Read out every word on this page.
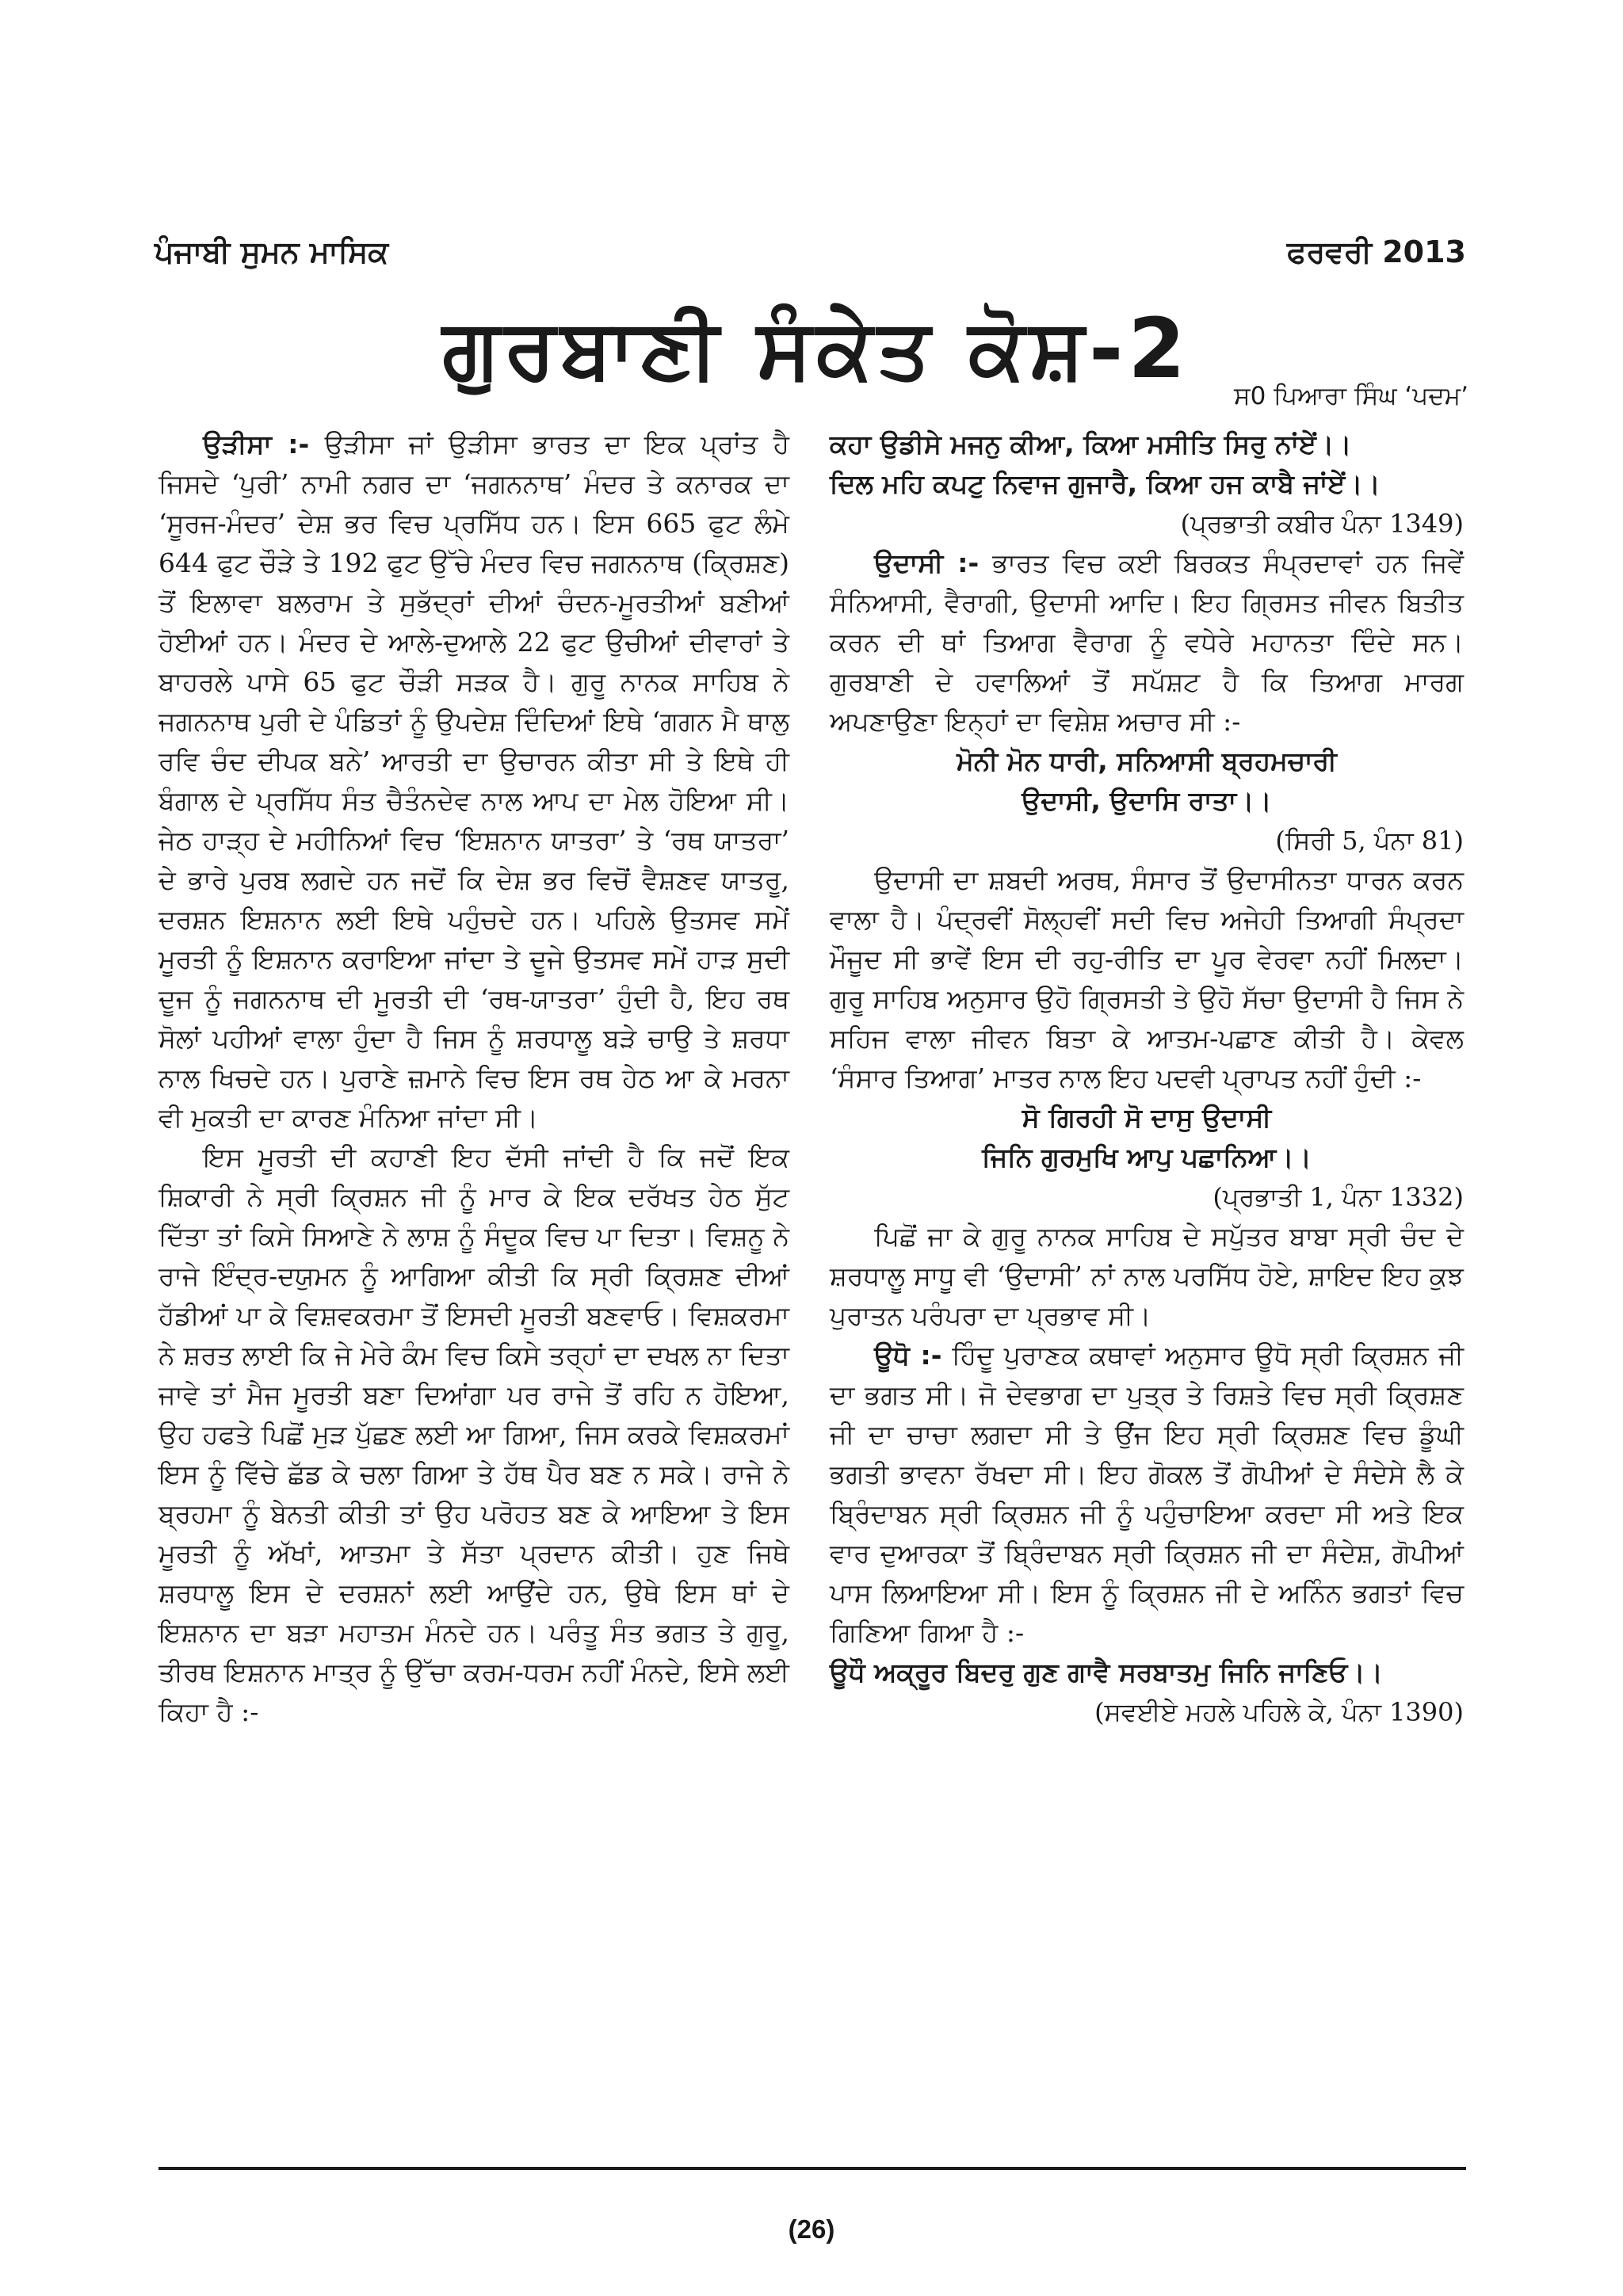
ਪੰਜਾਬੀ ਸੁਮਨ ਮਾਸਿਕ	ਫਰਵਰੀ 2013
ਗੁਰਬਾਣੀ ਸੰਕੇਤ ਕੋਸ਼-2	ਸ0 ਪਿਆਰਾ ਸਿੰਘ ‘ਪਦਮ’

ਉੜੀਸਾ :- ਉੜੀਸਾ ਜਾਂ ਉੜੀਸਾ ਭਾਰਤ ਦਾ ਇਕ ਪ੍ਰਾਂਤ ਹੈ ਜਿਸਦੇ ‘ਪੁਰੀ’ ਨਾਮੀ ਨਗਰ ਦਾ ‘ਜਗਨਨਾਥ’ ਮੰਦਰ ਤੇ ਕਨਾਰਕ ਦਾ ‘ਸੂਰਜ-ਮੰਦਰ’ ਦੇਸ਼ ਭਰ ਵਿਚ ਪ੍ਰਸਿੱਧ ਹਨ। ਇਸ 665 ਫੁਟ ਲੰਮੇ 644 ਫੁਟ ਚੌੜੇ ਤੇ 192 ਫੁਟ ਉੱਚੇ ਮੰਦਰ ਵਿਚ ਜਗਨਨਾਥ (ਕ੍ਰਿਸ਼ਣ) ਤੋਂ ਇਲਾਵਾ ਬਲਰਾਮ ਤੇ ਸੁਭੱਦ੍ਰਾਂ ਦੀਆਂ ਚੰਦਨ-ਮੂਰਤੀਆਂ ਬਣੀਆਂ ਹੋਈਆਂ ਹਨ। ਮੰਦਰ ਦੇ ਆਲੇ-ਦੁਆਲੇ 22 ਫੁਟ ਉਚੀਆਂ ਦੀਵਾਰਾਂ ਤੇ ਬਾਹਰਲੇ ਪਾਸੇ 65 ਫੁਟ ਚੌੜੀ ਸੜਕ ਹੈ। ਗੁਰੂ ਨਾਨਕ ਸਾਹਿਬ ਨੇ ਜਗਨਨਾਥ ਪੁਰੀ ਦੇ ਪੰਡਿਤਾਂ ਨੂੰ ਉਪਦੇਸ਼ ਦਿੰਦਿਆਂ ਇਥੇ ‘ਗਗਨ ਮੈ ਥਾਲੁ ਰਵਿ ਚੰਦ ਦੀਪਕ ਬਨੇ’ ਆਰਤੀ ਦਾ ਉਚਾਰਨ ਕੀਤਾ ਸੀ ਤੇ ਇਥੇ ਹੀ ਬੰਗਾਲ ਦੇ ਪ੍ਰਸਿੱਧ ਸੰਤ ਚੈਤੰਨਦੇਵ ਨਾਲ ਆਪ ਦਾ ਮੇਲ ਹੋਇਆ ਸੀ। ਜੇਠ ਹਾੜ੍ਹ ਦੇ ਮਹੀਨਿਆਂ ਵਿਚ ‘ਇਸ਼ਨਾਨ ਯਾਤਰਾ’ ਤੇ ‘ਰਥ ਯਾਤਰਾ’ ਦੇ ਭਾਰੇ ਪੁਰਬ ਲਗਦੇ ਹਨ ਜਦੋਂ ਕਿ ਦੇਸ਼ ਭਰ ਵਿਚੋਂ ਵੈਸ਼ਣਵ ਯਾਤਰੂ, ਦਰਸ਼ਨ ਇਸ਼ਨਾਨ ਲਈ ਇਥੇ ਪਹੁੰਚਦੇ ਹਨ। ਪਹਿਲੇ ਉਤਸਵ ਸਮੇਂ ਮੂਰਤੀ ਨੂੰ ਇਸ਼ਨਾਨ ਕਰਾਇਆ ਜਾਂਦਾ ਤੇ ਦੂਜੇ ਉਤਸਵ ਸਮੇਂ ਹਾੜ ਸੁਦੀ ਦੂਜ ਨੂੰ ਜਗਨਨਾਥ ਦੀ ਮੂਰਤੀ ਦੀ ‘ਰਥ-ਯਾਤਰਾ’ ਹੁੰਦੀ ਹੈ, ਇਹ ਰਥ ਸੋਲਾਂ ਪਹੀਆਂ ਵਾਲਾ ਹੁੰਦਾ ਹੈ ਜਿਸ ਨੂੰ ਸ਼ਰਧਾਲੂ ਬੜੇ ਚਾਉ ਤੇ ਸ਼ਰਧਾ ਨਾਲ ਖਿਚਦੇ ਹਨ। ਪੁਰਾਣੇ ਜ਼ਮਾਨੇ ਵਿਚ ਇਸ ਰਥ ਹੇਠ ਆ ਕੇ ਮਰਨਾ ਵੀ ਮੁਕਤੀ ਦਾ ਕਾਰਣ ਮੰਨਿਆ ਜਾਂਦਾ ਸੀ।

ਇਸ ਮੂਰਤੀ ਦੀ ਕਹਾਣੀ ਇਹ ਦੱਸੀ ਜਾਂਦੀ ਹੈ ਕਿ ਜਦੋਂ ਇਕ ਸ਼ਿਕਾਰੀ ਨੇ ਸ੍ਰੀ ਕ੍ਰਿਸ਼ਨ ਜੀ ਨੂੰ ਮਾਰ ਕੇ ਇਕ ਦਰੱਖਤ ਹੇਠ ਸੁੱਟ ਦਿੱਤਾ ਤਾਂ ਕਿਸੇ ਸਿਆਣੇ ਨੇ ਲਾਸ਼ ਨੂੰ ਸੰਦੂਕ ਵਿਚ ਪਾ ਦਿਤਾ। ਵਿਸ਼ਨੂ ਨੇ ਰਾਜੇ ਇੰਦ੍ਰ-ਦਯੁਮਨ ਨੂੰ ਆਗਿਆ ਕੀਤੀ ਕਿ ਸ੍ਰੀ ਕ੍ਰਿਸ਼ਣ ਦੀਆਂ ਹੱਡੀਆਂ ਪਾ ਕੇ ਵਿਸ਼ਵਕਰਮਾ ਤੋਂ ਇਸਦੀ ਮੂਰਤੀ ਬਣਵਾਓ। ਵਿਸ਼ਕਰਮਾ ਨੇ ਸ਼ਰਤ ਲਾਈ ਕਿ ਜੇ ਮੇਰੇ ਕੰਮ ਵਿਚ ਕਿਸੇ ਤਰ੍ਹਾਂ ਦਾ ਦਖਲ ਨਾ ਦਿਤਾ ਜਾਵੇ ਤਾਂ ਮੈਜ ਮੂਰਤੀ ਬਣਾ ਦਿਆਂਗਾ ਪਰ ਰਾਜੇ ਤੋਂ ਰਹਿ ਨ ਹੋਇਆ, ਉਹ ਹਫਤੇ ਪਿਛੋਂ ਮੁੜ ਪੁੱਛਣ ਲਈ ਆ ਗਿਆ, ਜਿਸ ਕਰਕੇ ਵਿਸ਼ਕਰਮਾਂ ਇਸ ਨੂੰ ਵਿੱਚੇ ਛੱਡ ਕੇ ਚਲਾ ਗਿਆ ਤੇ ਹੱਥ ਪੈਰ ਬਣ ਨ ਸਕੇ। ਰਾਜੇ ਨੇ ਬ੍ਰਹਮਾ ਨੂੰ ਬੇਨਤੀ ਕੀਤੀ ਤਾਂ ਉਹ ਪਰੋਹਤ ਬਣ ਕੇ ਆਇਆ ਤੇ ਇਸ ਮੂਰਤੀ ਨੂੰ ਅੱਖਾਂ, ਆਤਮਾ ਤੇ ਸੱਤਾ ਪ੍ਰਦਾਨ ਕੀਤੀ। ਹੁਣ ਜਿਥੇ ਸ਼ਰਧਾਲੂ ਇਸ ਦੇ ਦਰਸ਼ਨਾਂ ਲਈ ਆਉਂਦੇ ਹਨ, ਉਥੇ ਇਸ ਥਾਂ ਦੇ ਇਸ਼ਨਾਨ ਦਾ ਬੜਾ ਮਹਾਤਮ ਮੰਨਦੇ ਹਨ। ਪਰੰਤੂ ਸੰਤ ਭਗਤ ਤੇ ਗੁਰੂ, ਤੀਰਥ ਇਸ਼ਨਾਨ ਮਾਤ੍ਰ ਨੂੰ ਉੱਚਾ ਕਰਮ-ਧਰਮ ਨਹੀਂ ਮੰਨਦੇ, ਇਸੇ ਲਈ ਕਿਹਾ ਹੈ :-

ਕਹਾ ਉਡੀਸੇ ਮਜਨੁ ਕੀਆ, ਕਿਆ ਮਸੀਤਿ ਸਿਰੁ ਨਾਂਏਂ।।
ਦਿਲ ਮਹਿ ਕਪਟੁ ਨਿਵਾਜ ਗੁਜਾਰੈ, ਕਿਆ ਹਜ ਕਾਬੈ ਜਾਂਏਂ।।
(ਪ੍ਰਭਾਤੀ ਕਬੀਰ ਪੰਨਾ 1349)

ਉਦਾਸੀ :- ਭਾਰਤ ਵਿਚ ਕਈ ਬਿਰਕਤ ਸੰਪ੍ਰਦਾਵਾਂ ਹਨ ਜਿਵੇਂ ਸੰਨਿਆਸੀ, ਵੈਰਾਗੀ, ਉਦਾਸੀ ਆਦਿ। ਇਹ ਗ੍ਰਿਸਤ ਜੀਵਨ ਬਿਤੀਤ ਕਰਨ ਦੀ ਥਾਂ ਤਿਆਗ ਵੈਰਾਗ ਨੂੰ ਵਧੇਰੇ ਮਹਾਨਤਾ ਦਿੰਦੇ ਸਨ। ਗੁਰਬਾਣੀ ਦੇ ਹਵਾਲਿਆਂ ਤੋਂ ਸਪੱਸ਼ਟ ਹੈ ਕਿ ਤਿਆਗ ਮਾਰਗ ਅਪਣਾਉਣਾ ਇਨ੍ਹਾਂ ਦਾ ਵਿਸ਼ੇਸ਼ ਅਚਾਰ ਸੀ :-

ਮੋਨੀ ਮੋਨ ਧਾਰੀ, ਸਨਿਆਸੀ ਬ੍ਰਹਮਚਾਰੀ
ਉਦਾਸੀ, ਉਦਾਸਿ ਰਾਤਾ।।
(ਸਿਰੀ 5, ਪੰਨਾ 81)

ਉਦਾਸੀ ਦਾ ਸ਼ਬਦੀ ਅਰਥ, ਸੰਸਾਰ ਤੋਂ ਉਦਾਸੀਨਤਾ ਧਾਰਨ ਕਰਨ ਵਾਲਾ ਹੈ। ਪੰਦ੍ਰਵੀਂ ਸੋਲ੍ਹਵੀਂ ਸਦੀ ਵਿਚ ਅਜੇਹੀ ਤਿਆਗੀ ਸੰਪ੍ਰਦਾ ਮੌਜੂਦ ਸੀ ਭਾਵੇਂ ਇਸ ਦੀ ਰਹੁ-ਰੀਤਿ ਦਾ ਪੂਰ ਵੇਰਵਾ ਨਹੀਂ ਮਿਲਦਾ। ਗੁਰੂ ਸਾਹਿਬ ਅਨੁਸਾਰ ਉਹੋ ਗ੍ਰਿਸਤੀ ਤੇ ਉਹੋ ਸੱਚਾ ਉਦਾਸੀ ਹੈ ਜਿਸ ਨੇ ਸਹਿਜ ਵਾਲਾ ਜੀਵਨ ਬਿਤਾ ਕੇ ਆਤਮ-ਪਛਾਣ ਕੀਤੀ ਹੈ। ਕੇਵਲ ‘ਸੰਸਾਰ ਤਿਆਗ’ ਮਾਤਰ ਨਾਲ ਇਹ ਪਦਵੀ ਪ੍ਰਾਪਤ ਨਹੀਂ ਹੁੰਦੀ :-

ਸੋ ਗਿਰਹੀ ਸੋ ਦਾਸੁ ਉਦਾਸੀ
ਜਿਨਿ ਗੁਰਮੁਖਿ ਆਪੁ ਪਛਾਨਿਆ।।
(ਪ੍ਰਭਾਤੀ 1, ਪੰਨਾ 1332)

ਪਿਛੋਂ ਜਾ ਕੇ ਗੁਰੂ ਨਾਨਕ ਸਾਹਿਬ ਦੇ ਸਪੁੱਤਰ ਬਾਬਾ ਸ੍ਰੀ ਚੰਦ ਦੇ ਸ਼ਰਧਾਲੂ ਸਾਧੂ ਵੀ ‘ਉਦਾਸੀ’ ਨਾਂ ਨਾਲ ਪਰਸਿੱਧ ਹੋਏ, ਸ਼ਾਇਦ ਇਹ ਕੁਝ ਪੁਰਾਤਨ ਪਰੰਪਰਾ ਦਾ ਪ੍ਰਭਾਵ ਸੀ।

ਊਧੋ :- ਹਿੰਦੂ ਪੁਰਾਣਕ ਕਥਾਵਾਂ ਅਨੁਸਾਰ ਊਧੋ ਸ੍ਰੀ ਕ੍ਰਿਸ਼ਨ ਜੀ ਦਾ ਭਗਤ ਸੀ। ਜੋ ਦੇਵਭਾਗ ਦਾ ਪੁਤ੍ਰ ਤੇ ਰਿਸ਼ਤੇ ਵਿਚ ਸ੍ਰੀ ਕ੍ਰਿਸ਼ਣ ਜੀ ਦਾ ਚਾਚਾ ਲਗਦਾ ਸੀ ਤੇ ਉਂਜ ਇਹ ਸ੍ਰੀ ਕ੍ਰਿਸ਼ਣ ਵਿਚ ਡੂੰਘੀ ਭਗਤੀ ਭਾਵਨਾ ਰੱਖਦਾ ਸੀ। ਇਹ ਗੋਕਲ ਤੋਂ ਗੋਪੀਆਂ ਦੇ ਸੰਦੇਸੇ ਲੈ ਕੇ ਬ੍ਰਿੰਦਾਬਨ ਸ੍ਰੀ ਕ੍ਰਿਸ਼ਨ ਜੀ ਨੂੰ ਪਹੁੰਚਾਇਆ ਕਰਦਾ ਸੀ ਅਤੇ ਇਕ ਵਾਰ ਦੁਆਰਕਾ ਤੋਂ ਬ੍ਰਿੰਦਾਬਨ ਸ੍ਰੀ ਕ੍ਰਿਸ਼ਨ ਜੀ ਦਾ ਸੰਦੇਸ਼, ਗੋਪੀਆਂ ਪਾਸ ਲਿਆਇਆ ਸੀ। ਇਸ ਨੂੰ ਕ੍ਰਿਸ਼ਨ ਜੀ ਦੇ ਅਨਿੰਨ ਭਗਤਾਂ ਵਿਚ ਗਿਣਿਆ ਗਿਆ ਹੈ :-

ਊਧੌ ਅਕ੍ਰੂਰ ਬਿਦਰੁ ਗੁਣ ਗਾਵੈ ਸਰਬਾਤਮੁ ਜਿਨਿ ਜਾਣਿਓ।।
(ਸਵਈਏ ਮਹਲੇ ਪਹਿਲੇ ਕੇ, ਪੰਨਾ 1390)
(26)
